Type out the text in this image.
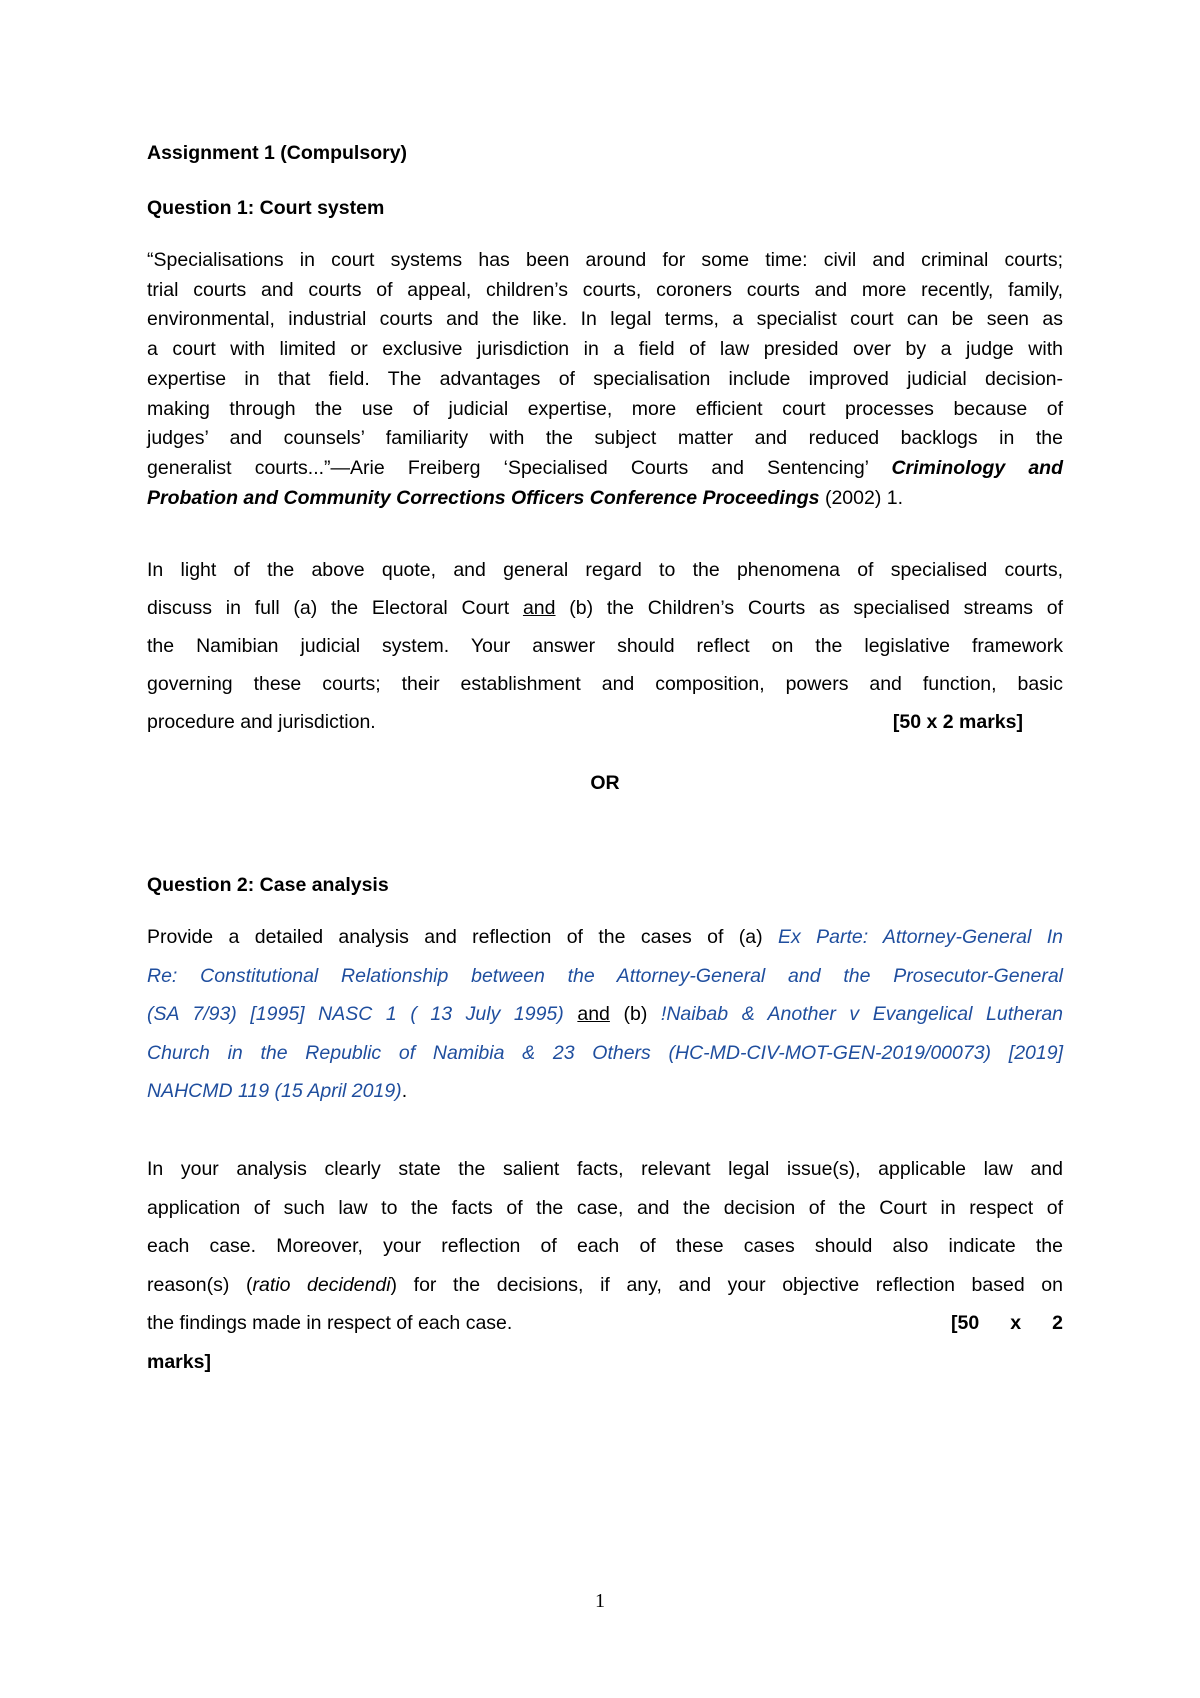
Assignment 1 (Compulsory)
Question 1: Court system
“Specialisations in court systems has been around for some time: civil and criminal courts;
trial courts and courts of appeal, children’s courts, coroners courts and more recently, family,
environmental, industrial courts and the like. In legal terms, a specialist court can be seen as
a court with limited or exclusive jurisdiction in a field of law presided over by a judge with
expertise in that field. The advantages of specialisation include improved judicial decision-
making through the use of judicial expertise, more efficient court processes because of
judges’ and counsels’ familiarity with the subject matter and reduced backlogs in the
generalist courts...”—Arie Freiberg ‘Specialised Courts and Sentencing’ Criminology and
Probation and Community Corrections Officers Conference Proceedings (2002) 1.
In light of the above quote, and general regard to the phenomena of specialised courts,
discuss in full (a) the Electoral Court and (b) the Children’s Courts as specialised streams of
the Namibian judicial system. Your answer should reflect on the legislative framework
governing these courts; their establishment and composition, powers and function, basic
procedure and jurisdiction.	[50 x 2 marks]
OR
Question 2: Case analysis
Provide a detailed analysis and reflection of the cases of (a) Ex Parte: Attorney-General In
Re: Constitutional Relationship between the Attorney-General and the Prosecutor-General
(SA 7/93) [1995] NASC 1 ( 13 July 1995) and (b) !Naibab & Another v Evangelical Lutheran
Church in the Republic of Namibia & 23 Others (HC-MD-CIV-MOT-GEN-2019/00073) [2019]
NAHCMD 119 (15 April 2019).
In your analysis clearly state the salient facts, relevant legal issue(s), applicable law and
application of such law to the facts of the case, and the decision of the Court in respect of
each case. Moreover, your reflection of each of these cases should also indicate the
reason(s) (ratio decidendi) for the decisions, if any, and your objective reflection based on
the findings made in respect of each case.	[50 x 2
marks]
1
